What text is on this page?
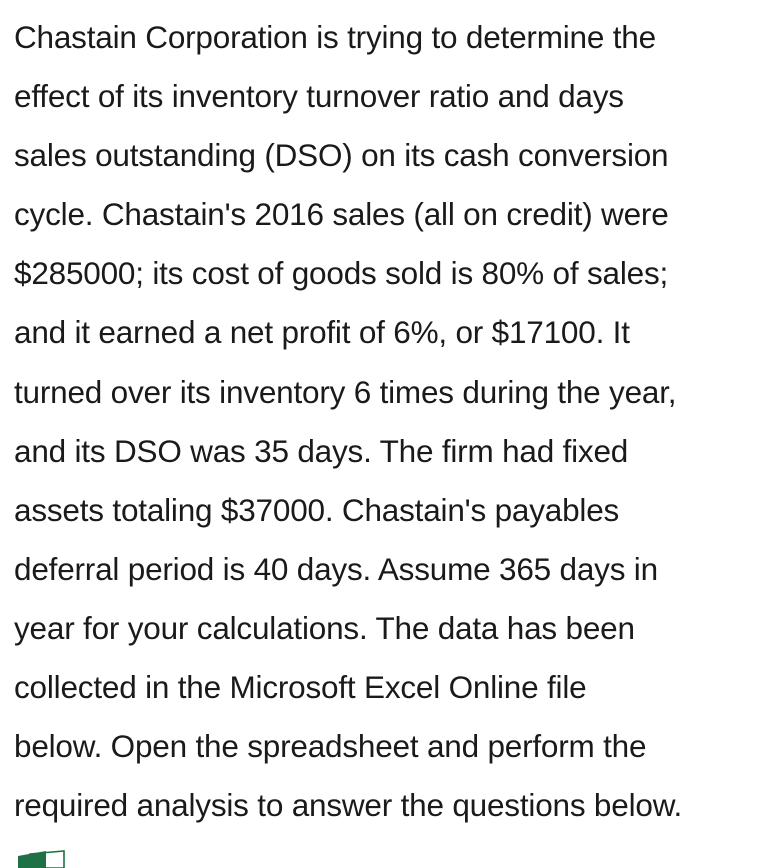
Chastain Corporation is trying to determine the
effect of its inventory turnover ratio and days
sales outstanding (DSO) on its cash conversion
cycle. Chastain's 2016 sales (all on credit) were
$285000; its cost of goods sold is 80% of sales;
and it earned a net profit of 6%, or $17100. It
turned over its inventory 6 times during the year,
and its DSO was 35 days. The firm had fixed
assets totaling $37000. Chastain's payables
deferral period is 40 days. Assume 365 days in
year for your calculations. The data has been
collected in the Microsoft Excel Online file
below. Open the spreadsheet and perform the
required analysis to answer the questions below.
